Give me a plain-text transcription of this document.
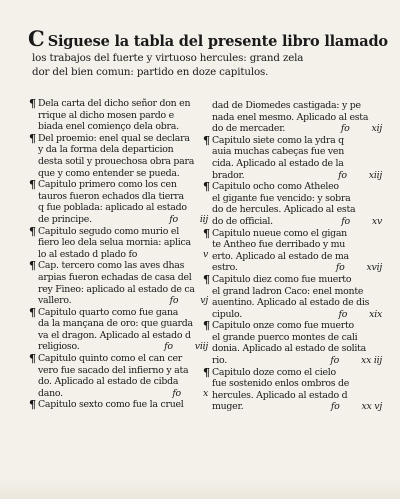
C Siguese la tabla del presente libro llamado
los trabajos del fuerte y virtuoso hercules: grand zela
dor del bien comun: partido en doze capitulos.
¶ Dela carta del dicho señor don en
rrique al dicho mosen pardo e
biada enel comienço dela obra.
¶ Del proemio: enel qual se declara
y da la forma dela departicion
desta sotil y prouechosa obra para
que y como entender se pueda.
¶ Capitulo primero como los cen
tauros fueron echados dla tierra
q fue poblada: aplicado al estado
de principe.	fo iij
¶ Capitulo segudo como murio el
fiero leo dela selua mornia: aplica
lo al estado d plado fo	v
¶ Cap. tercero como las aves dhas
arpias fueron echadas de casa del
rey Fineo: aplicado al estado de ca
vallero.	fo vj
¶ Capitulo quarto como fue gana
da la mançana de oro: que guarda
va el dragon. Aplicado al estado d
religioso.	fo viij
¶ Capitulo quinto como el can cer
vero fue sacado del infierno y ata
do. Aplicado al estado de cibda
dano.	fo x
¶ Capitulo sexto como fue la cruel
dad de Diomedes castigada: y pe
nada enel mesmo. Aplicado al esta
do de mercader.	fo xij
¶ Capitulo siete como la ydra q
auia muchas cabeças fue ven
cida. Aplicado al estado de la
brador.	fo xiij
¶ Capitulo ocho como Atheleo
el gigante fue vencido: y sobra
do de hercules. Aplicado al esta
do de official.	fo xv
¶ Capitulo nueue como el gigan
te Antheo fue derribado y mu
erto. Aplicado al estado de ma
estro.	fo xvij
¶ Capitulo diez como fue muerto
el grand ladron Caco: enel monte
auentino. Aplicado al estado de dis
cipulo.	fo xix
¶ Capitulo onze como fue muerto
el grande puerco montes de cali
donia. Aplicado al estado de solita
rio.	fo xx iij
¶ Capitulo doze como el cielo
fue sostenido enlos ombros de
hercules. Aplicado al estado d
muger.	fo xx vj
